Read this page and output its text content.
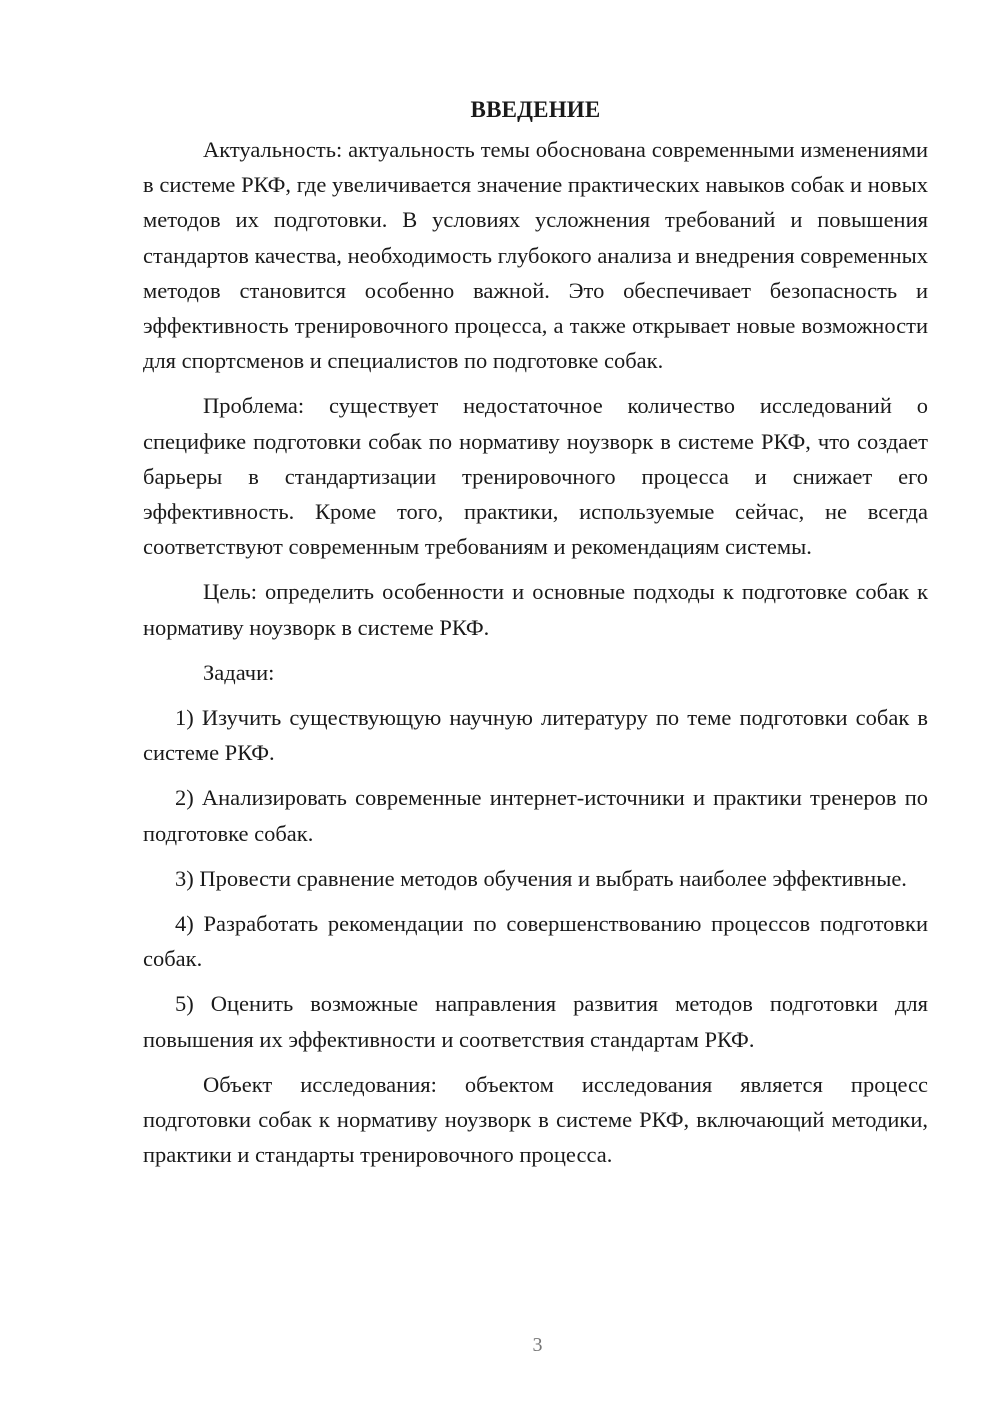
ВВЕДЕНИЕ

Актуальность: актуальность темы обоснована современными изменениями в системе РКФ, где увеличивается значение практических навыков собак и новых методов их подготовки. В условиях усложнения требований и повышения стандартов качества, необходимость глубокого анализа и внедрения современных методов становится особенно важной. Это обеспечивает безопасность и эффективность тренировочного процесса, а также открывает новые возможности для спортсменов и специалистов по подготовке собак.

Проблема: существует недостаточное количество исследований о специфике подготовки собак по нормативу ноузворк в системе РКФ, что создает барьеры в стандартизации тренировочного процесса и снижает его эффективность. Кроме того, практики, используемые сейчас, не всегда соответствуют современным требованиям и рекомендациям системы.

Цель: определить особенности и основные подходы к подготовке собак к нормативу ноузворк в системе РКФ.

Задачи:

1) Изучить существующую научную литературу по теме подготовки собак в системе РКФ.

2) Анализировать современные интернет-источники и практики тренеров по подготовке собак.

3) Провести сравнение методов обучения и выбрать наиболее эффективные.

4) Разработать рекомендации по совершенствованию процессов подготовки собак.

5) Оценить возможные направления развития методов подготовки для повышения их эффективности и соответствия стандартам РКФ.

Объект исследования: объектом исследования является процесс подготовки собак к нормативу ноузворк в системе РКФ, включающий методики, практики и стандарты тренировочного процесса.

3
